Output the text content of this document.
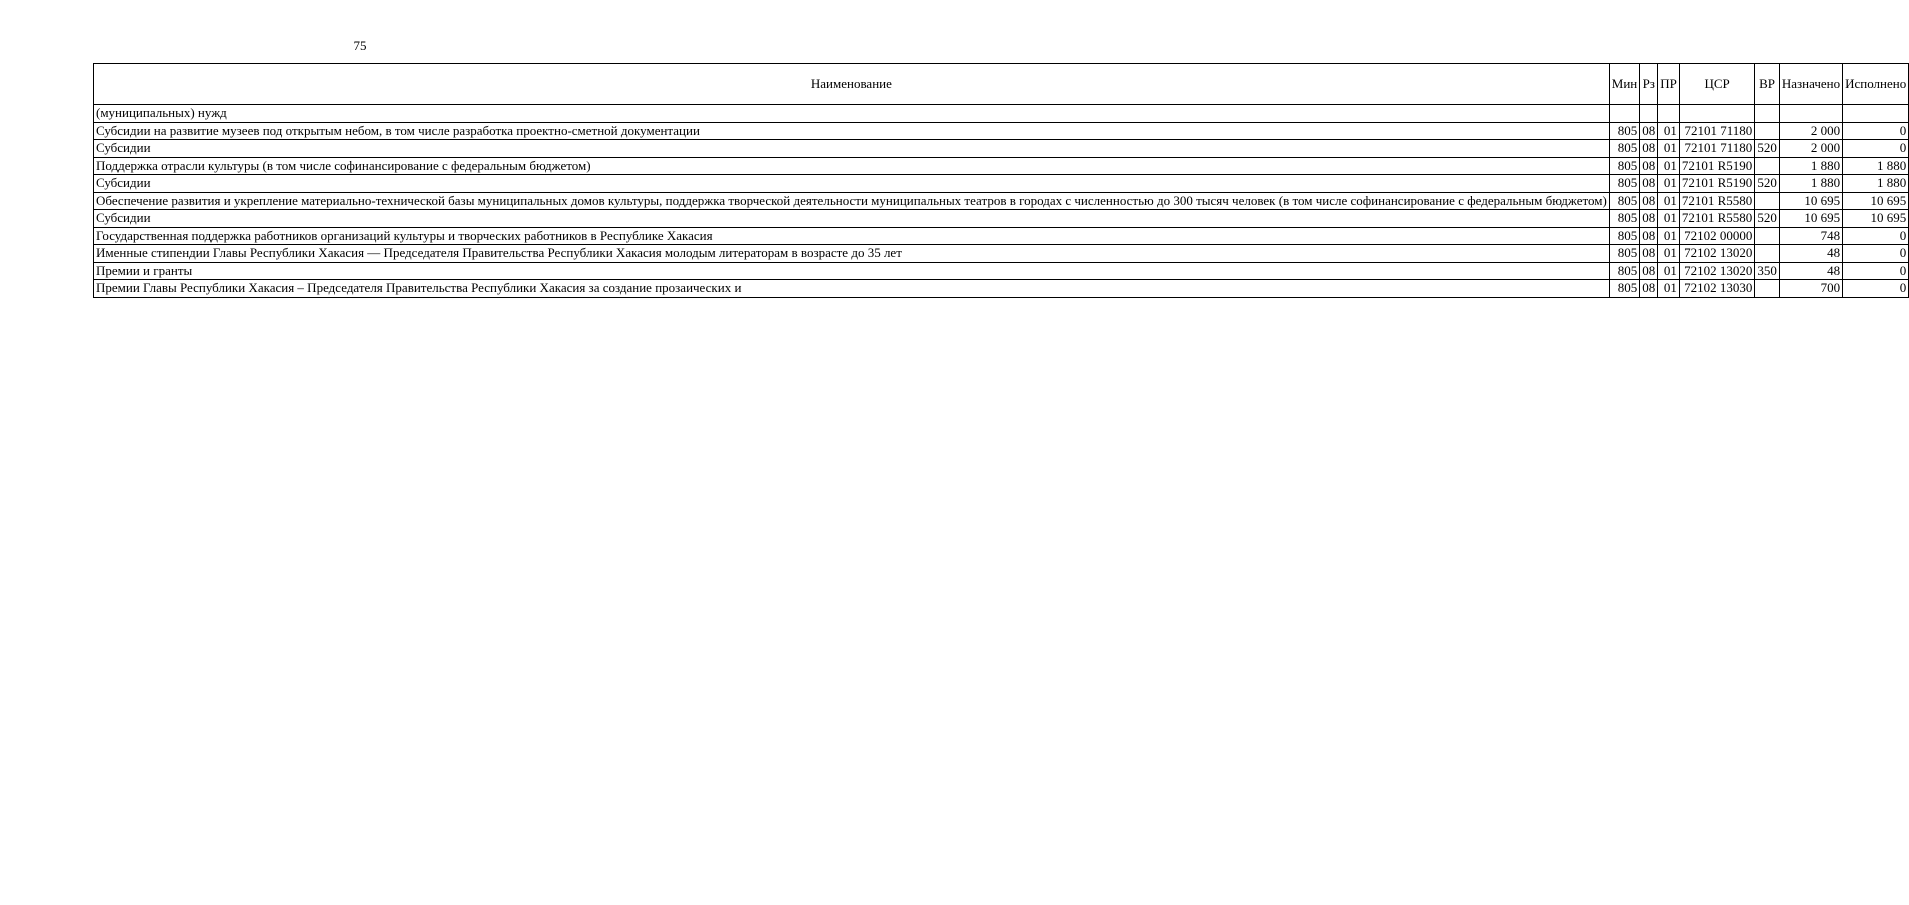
75
Наименование	Мин	Рз	ПР	ЦСР	ВР	Назначено	Исполнено
(муниципальных) нужд							
Субсидии на развитие музеев под открытым небом, в том числе разработка проектно-сметной документации	805	08	01	72101 71180		2 000	0
Субсидии	805	08	01	72101 71180	520	2 000	0
Поддержка отрасли культуры (в том числе софинансирование с федеральным бюджетом)	805	08	01	72101 R5190		1 880	1 880
Субсидии	805	08	01	72101 R5190	520	1 880	1 880
Обеспечение развития и укрепление материально-технической базы муниципальных домов культуры, поддержка творческой деятельности муниципальных театров в городах с численностью до 300 тысяч человек (в том числе софинансирование с федеральным бюджетом)	805	08	01	72101 R5580		10 695	10 695
Субсидии	805	08	01	72101 R5580	520	10 695	10 695
Государственная поддержка работников организаций культуры и творческих работников в Республике Хакасия	805	08	01	72102 00000		748	0
Именные стипендии Главы Республики Хакасия — Председателя Правительства Республики Хакасия молодым литераторам в возрасте до 35 лет	805	08	01	72102 13020		48	0
Премии и гранты	805	08	01	72102 13020	350	48	0
Премии Главы Республики Хакасия – Председателя Правительства Республики Хакасия за создание прозаических и	805	08	01	72102 13030		700	0
